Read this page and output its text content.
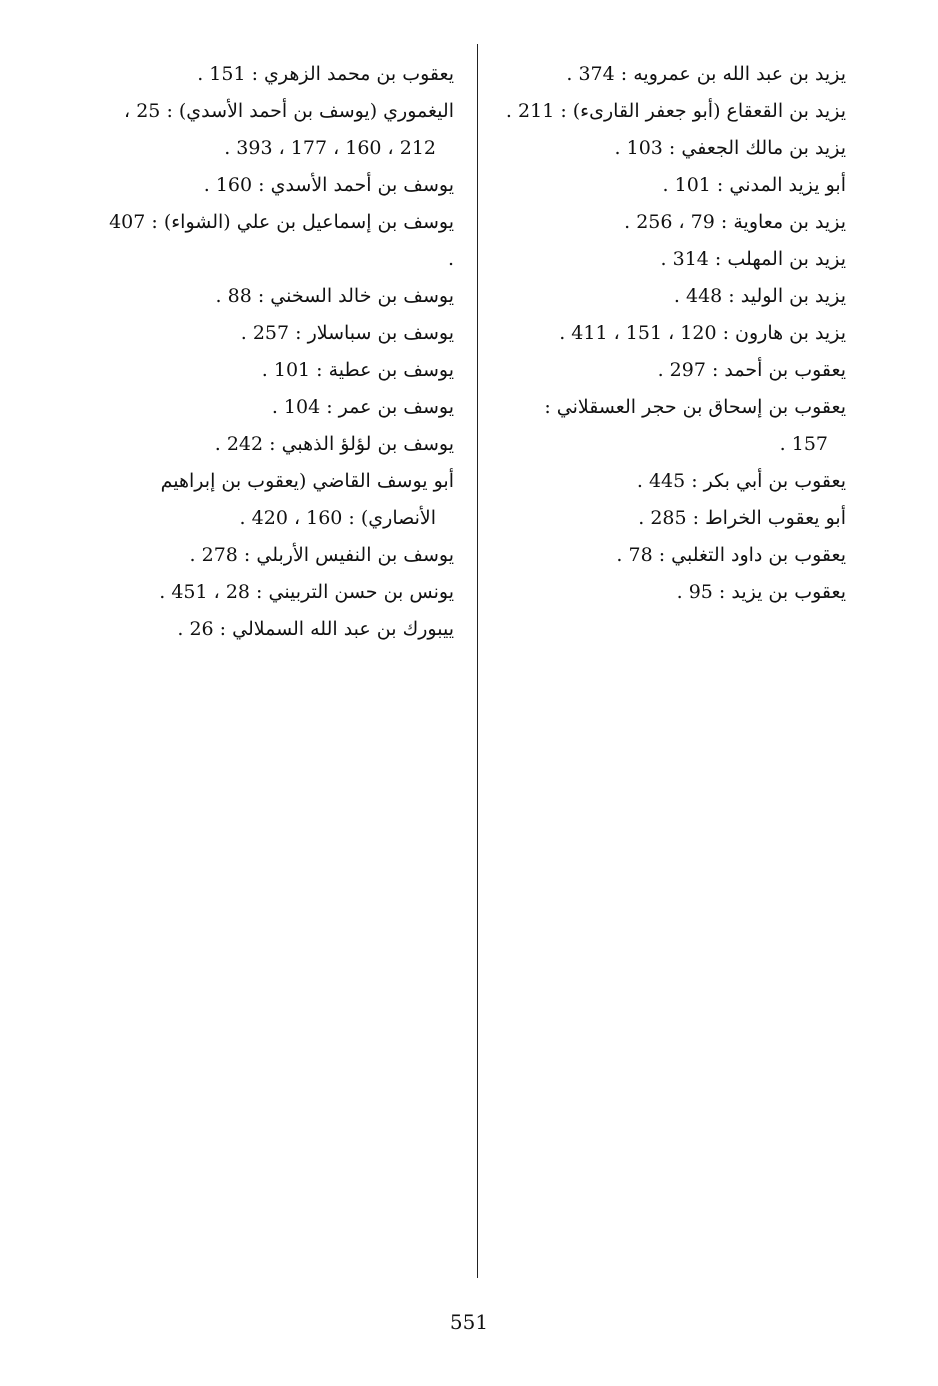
يزيد بن عبد الله بن عمرويه : 374 .

يزيد بن القعقاع (أبو جعفر القارىء) : 211 .

يزيد بن مالك الجعفي : 103 .

أبو يزيد المدني : 101 .

يزيد بن معاوية : 79 ، 256 .

يزيد بن المهلب : 314 .

يزيد بن الوليد : 448 .

يزيد بن هارون : 120 ، 151 ، 411 .

يعقوب بن أحمد : 297 .

يعقوب بن إسحاق بن حجر العسقلاني :
157 .

يعقوب بن أبي بكر : 445 .

أبو يعقوب الخراط : 285 .

يعقوب بن داود التغلبي : 78 .

يعقوب بن يزيد : 95 .

يعقوب بن محمد الزهري : 151 .

اليغموري (يوسف بن أحمد الأسدي) : 25 ،
212 ، 160 ، 177 ، 393 .

يوسف بن أحمد الأسدي : 160 .

يوسف بن إسماعيل بن علي (الشواء) : 407 .

يوسف بن خالد السخني : 88 .

يوسف بن سباسلار : 257 .

يوسف بن عطية : 101 .

يوسف بن عمر : 104 .

يوسف بن لؤلؤ الذهبي : 242 .

أبو يوسف القاضي (يعقوب بن إبراهيم
الأنصاري) : 160 ، 420 .

يوسف بن النفيس الأربلي : 278 .

يونس بن حسن التربيني : 28 ، 451 .

ييبورك بن عبد الله السملالي : 26 .

551
